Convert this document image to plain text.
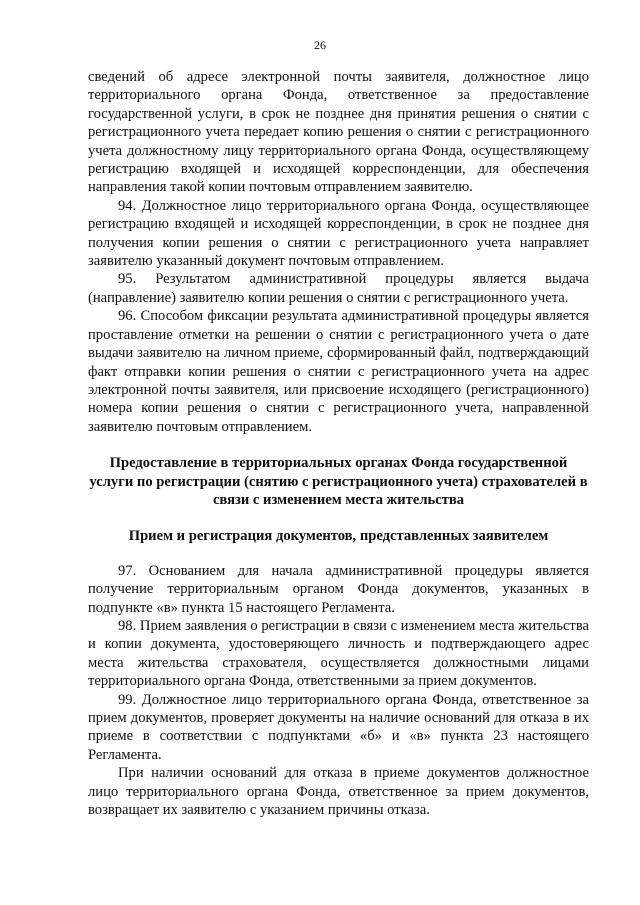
26

сведений об адресе электронной почты заявителя, должностное лицо территориального органа Фонда, ответственное за предоставление государственной услуги, в срок не позднее дня принятия решения о снятии с регистрационного учета передает копию решения о снятии с регистрационного учета должностному лицу территориального органа Фонда, осуществляющему регистрацию входящей и исходящей корреспонденции, для обеспечения направления такой копии почтовым отправлением заявителю.

94. Должностное лицо территориального органа Фонда, осуществляющее регистрацию входящей и исходящей корреспонденции, в срок не позднее дня получения копии решения о снятии с регистрационного учета направляет заявителю указанный документ почтовым отправлением.

95. Результатом административной процедуры является выдача (направление) заявителю копии решения о снятии с регистрационного учета.

96. Способом фиксации результата административной процедуры является проставление отметки на решении о снятии с регистрационного учета о дате выдачи заявителю на личном приеме, сформированный файл, подтверждающий факт отправки копии решения о снятии с регистрационного учета на адрес электронной почты заявителя, или присвоение исходящего (регистрационного) номера копии решения о снятии с регистрационного учета, направленной заявителю почтовым отправлением.

Предоставление в территориальных органах Фонда государственной услуги по регистрации (снятию с регистрационного учета) страхователей в связи с изменением места жительства
Прием и регистрация документов, представленных заявителем

97. Основанием для начала административной процедуры является получение территориальным органом Фонда документов, указанных в подпункте «в» пункта 15 настоящего Регламента.

98. Прием заявления о регистрации в связи с изменением места жительства и копии документа, удостоверяющего личность и подтверждающего адрес места жительства страхователя, осуществляется должностными лицами территориального органа Фонда, ответственными за прием документов.

99. Должностное лицо территориального органа Фонда, ответственное за прием документов, проверяет документы на наличие оснований для отказа в их приеме в соответствии с подпунктами «б» и «в» пункта 23 настоящего Регламента.

При наличии оснований для отказа в приеме документов должностное лицо территориального органа Фонда, ответственное за прием документов, возвращает их заявителю с указанием причины отказа.
